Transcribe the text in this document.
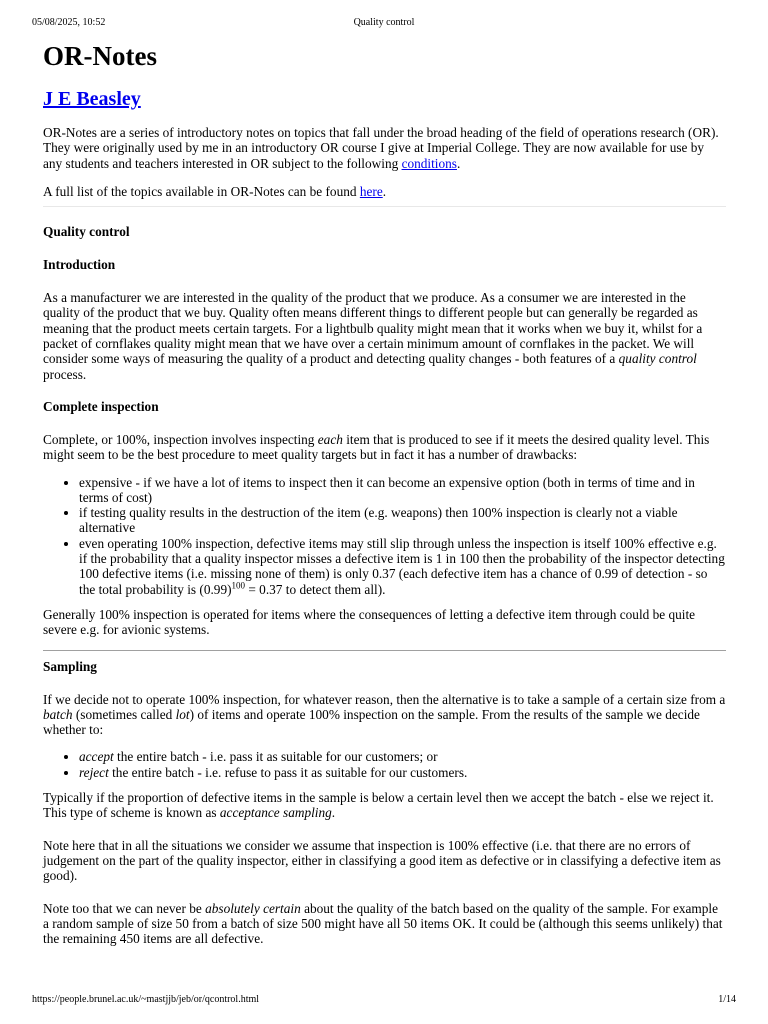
05/08/2025, 10:52	Quality control
OR-Notes
J E Beasley

OR-Notes are a series of introductory notes on topics that fall under the broad heading of the field of operations research (OR). They were originally used by me in an introductory OR course I give at Imperial College. They are now available for use by any students and teachers interested in OR subject to the following conditions.

A full list of the topics available in OR-Notes can be found here.

Quality control
Introduction

As a manufacturer we are interested in the quality of the product that we produce. As a consumer we are interested in the quality of the product that we buy. Quality often means different things to different people but can generally be regarded as meaning that the product meets certain targets. For a lightbulb quality might mean that it works when we buy it, whilst for a packet of cornflakes quality might mean that we have over a certain minimum amount of cornflakes in the packet. We will consider some ways of measuring the quality of a product and detecting quality changes - both features of a quality control process.

Complete inspection

Complete, or 100%, inspection involves inspecting each item that is produced to see if it meets the desired quality level. This might seem to be the best procedure to meet quality targets but in fact it has a number of drawbacks:

• expensive - if we have a lot of items to inspect then it can become an expensive option (both in terms of time and in terms of cost)
• if testing quality results in the destruction of the item (e.g. weapons) then 100% inspection is clearly not a viable alternative
• even operating 100% inspection, defective items may still slip through unless the inspection is itself 100% effective e.g. if the probability that a quality inspector misses a defective item is 1 in 100 then the probability of the inspector detecting 100 defective items (i.e. missing none of them) is only 0.37 (each defective item has a chance of 0.99 of detection - so the total probability is $(0.99)^{100} = 0.37$ to detect them all).

Generally 100% inspection is operated for items where the consequences of letting a defective item through could be quite severe e.g. for avionic systems.

Sampling

If we decide not to operate 100% inspection, for whatever reason, then the alternative is to take a sample of a certain size from a batch (sometimes called lot) of items and operate 100% inspection on the sample. From the results of the sample we decide whether to:

• accept the entire batch - i.e. pass it as suitable for our customers; or
• reject the entire batch - i.e. refuse to pass it as suitable for our customers.

Typically if the proportion of defective items in the sample is below a certain level then we accept the batch - else we reject it. This type of scheme is known as acceptance sampling.

Note here that in all the situations we consider we assume that inspection is 100% effective (i.e. that there are no errors of judgement on the part of the quality inspector, either in classifying a good item as defective or in classifying a defective item as good).

Note too that we can never be absolutely certain about the quality of the batch based on the quality of the sample. For example a random sample of size 50 from a batch of size 500 might have all 50 items OK. It could be (although this seems unlikely) that the remaining 450 items are all defective.

https://people.brunel.ac.uk/~mastjjb/jeb/or/qcontrol.html	1/14
